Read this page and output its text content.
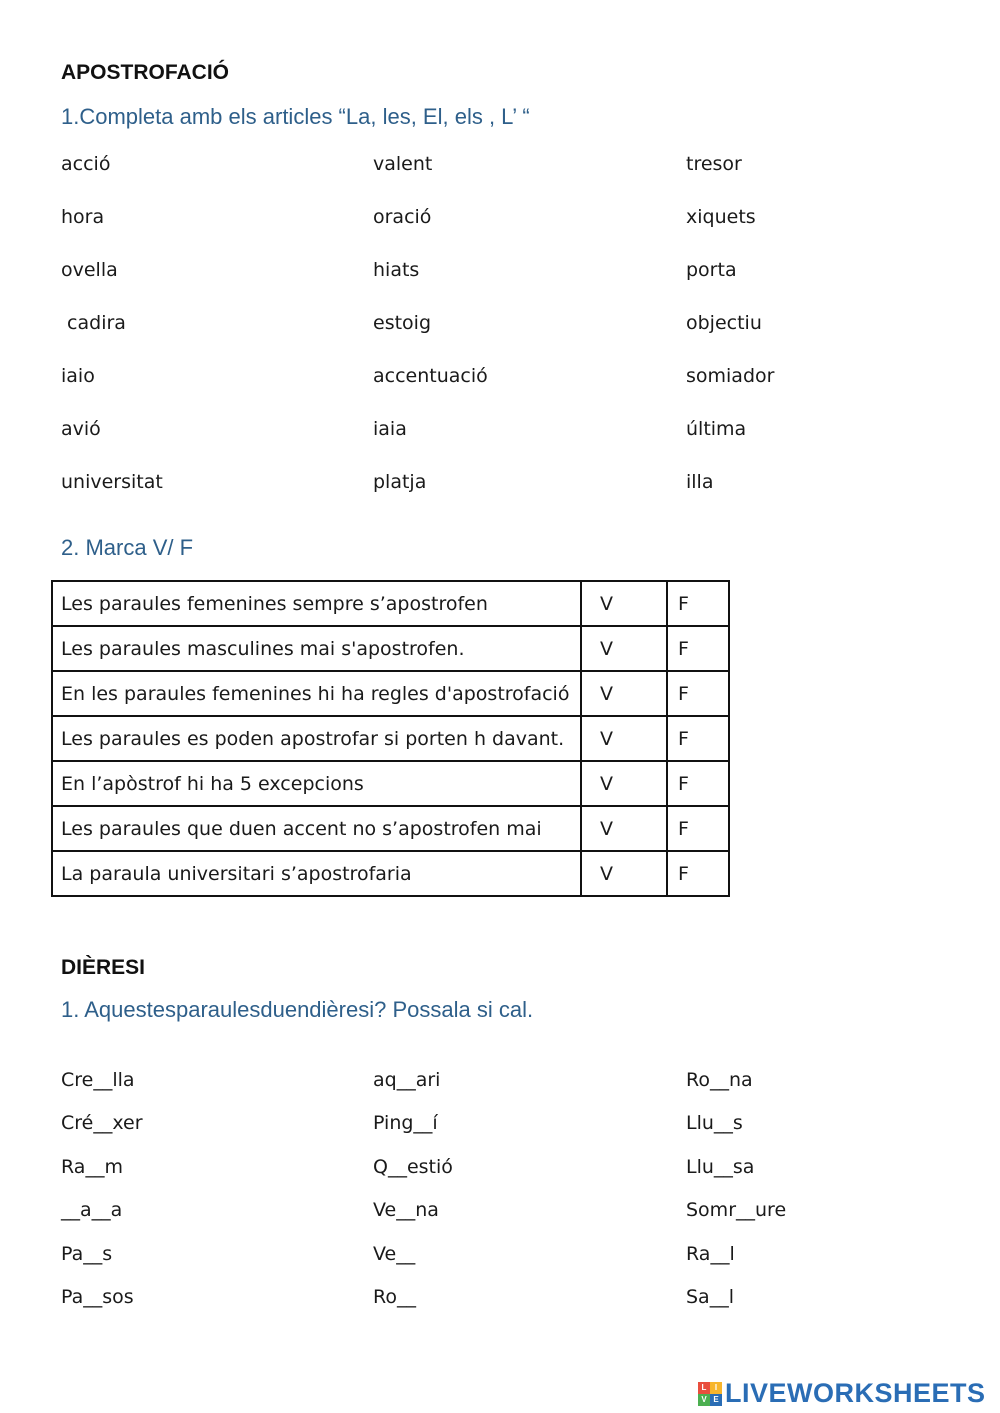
APOSTROFACIÓ
1.Completa amb els articles “La, les, El, els , L’ “
acció	valent	tresor
hora	oració	xiquets
ovella	hiats	porta
cadira	estoig	objectiu
iaio	accentuació	somiador
avió	iaia	última
universitat	platja	illa
2. Marca V/ F
Les paraules femenines sempre s’apostrofen	V	F
Les paraules masculines mai s'apostrofen.	V	F
En les paraules femenines hi ha regles d'apostrofació	V	F
Les paraules es poden apostrofar si porten h davant.	V	F
En l’apòstrof hi ha 5 excepcions	V	F
Les paraules que duen accent no s’apostrofen mai	V	F
La paraula universitari s’apostrofaria	V	F
DIÈRESI
1. Aquestesparaulesduendièresi? Possala si cal.
Cre__lla	aq__ari	Ro__na
Cré__xer	Ping__í	Llu__s
Ra__m	Q__estió	Llu__sa
__a__a	Ve__na	Somr__ure
Pa__s	Ve__	Ra__l
Pa__sos	Ro__	Sa__l
L	I
V E LIVEWORKSHEETS
